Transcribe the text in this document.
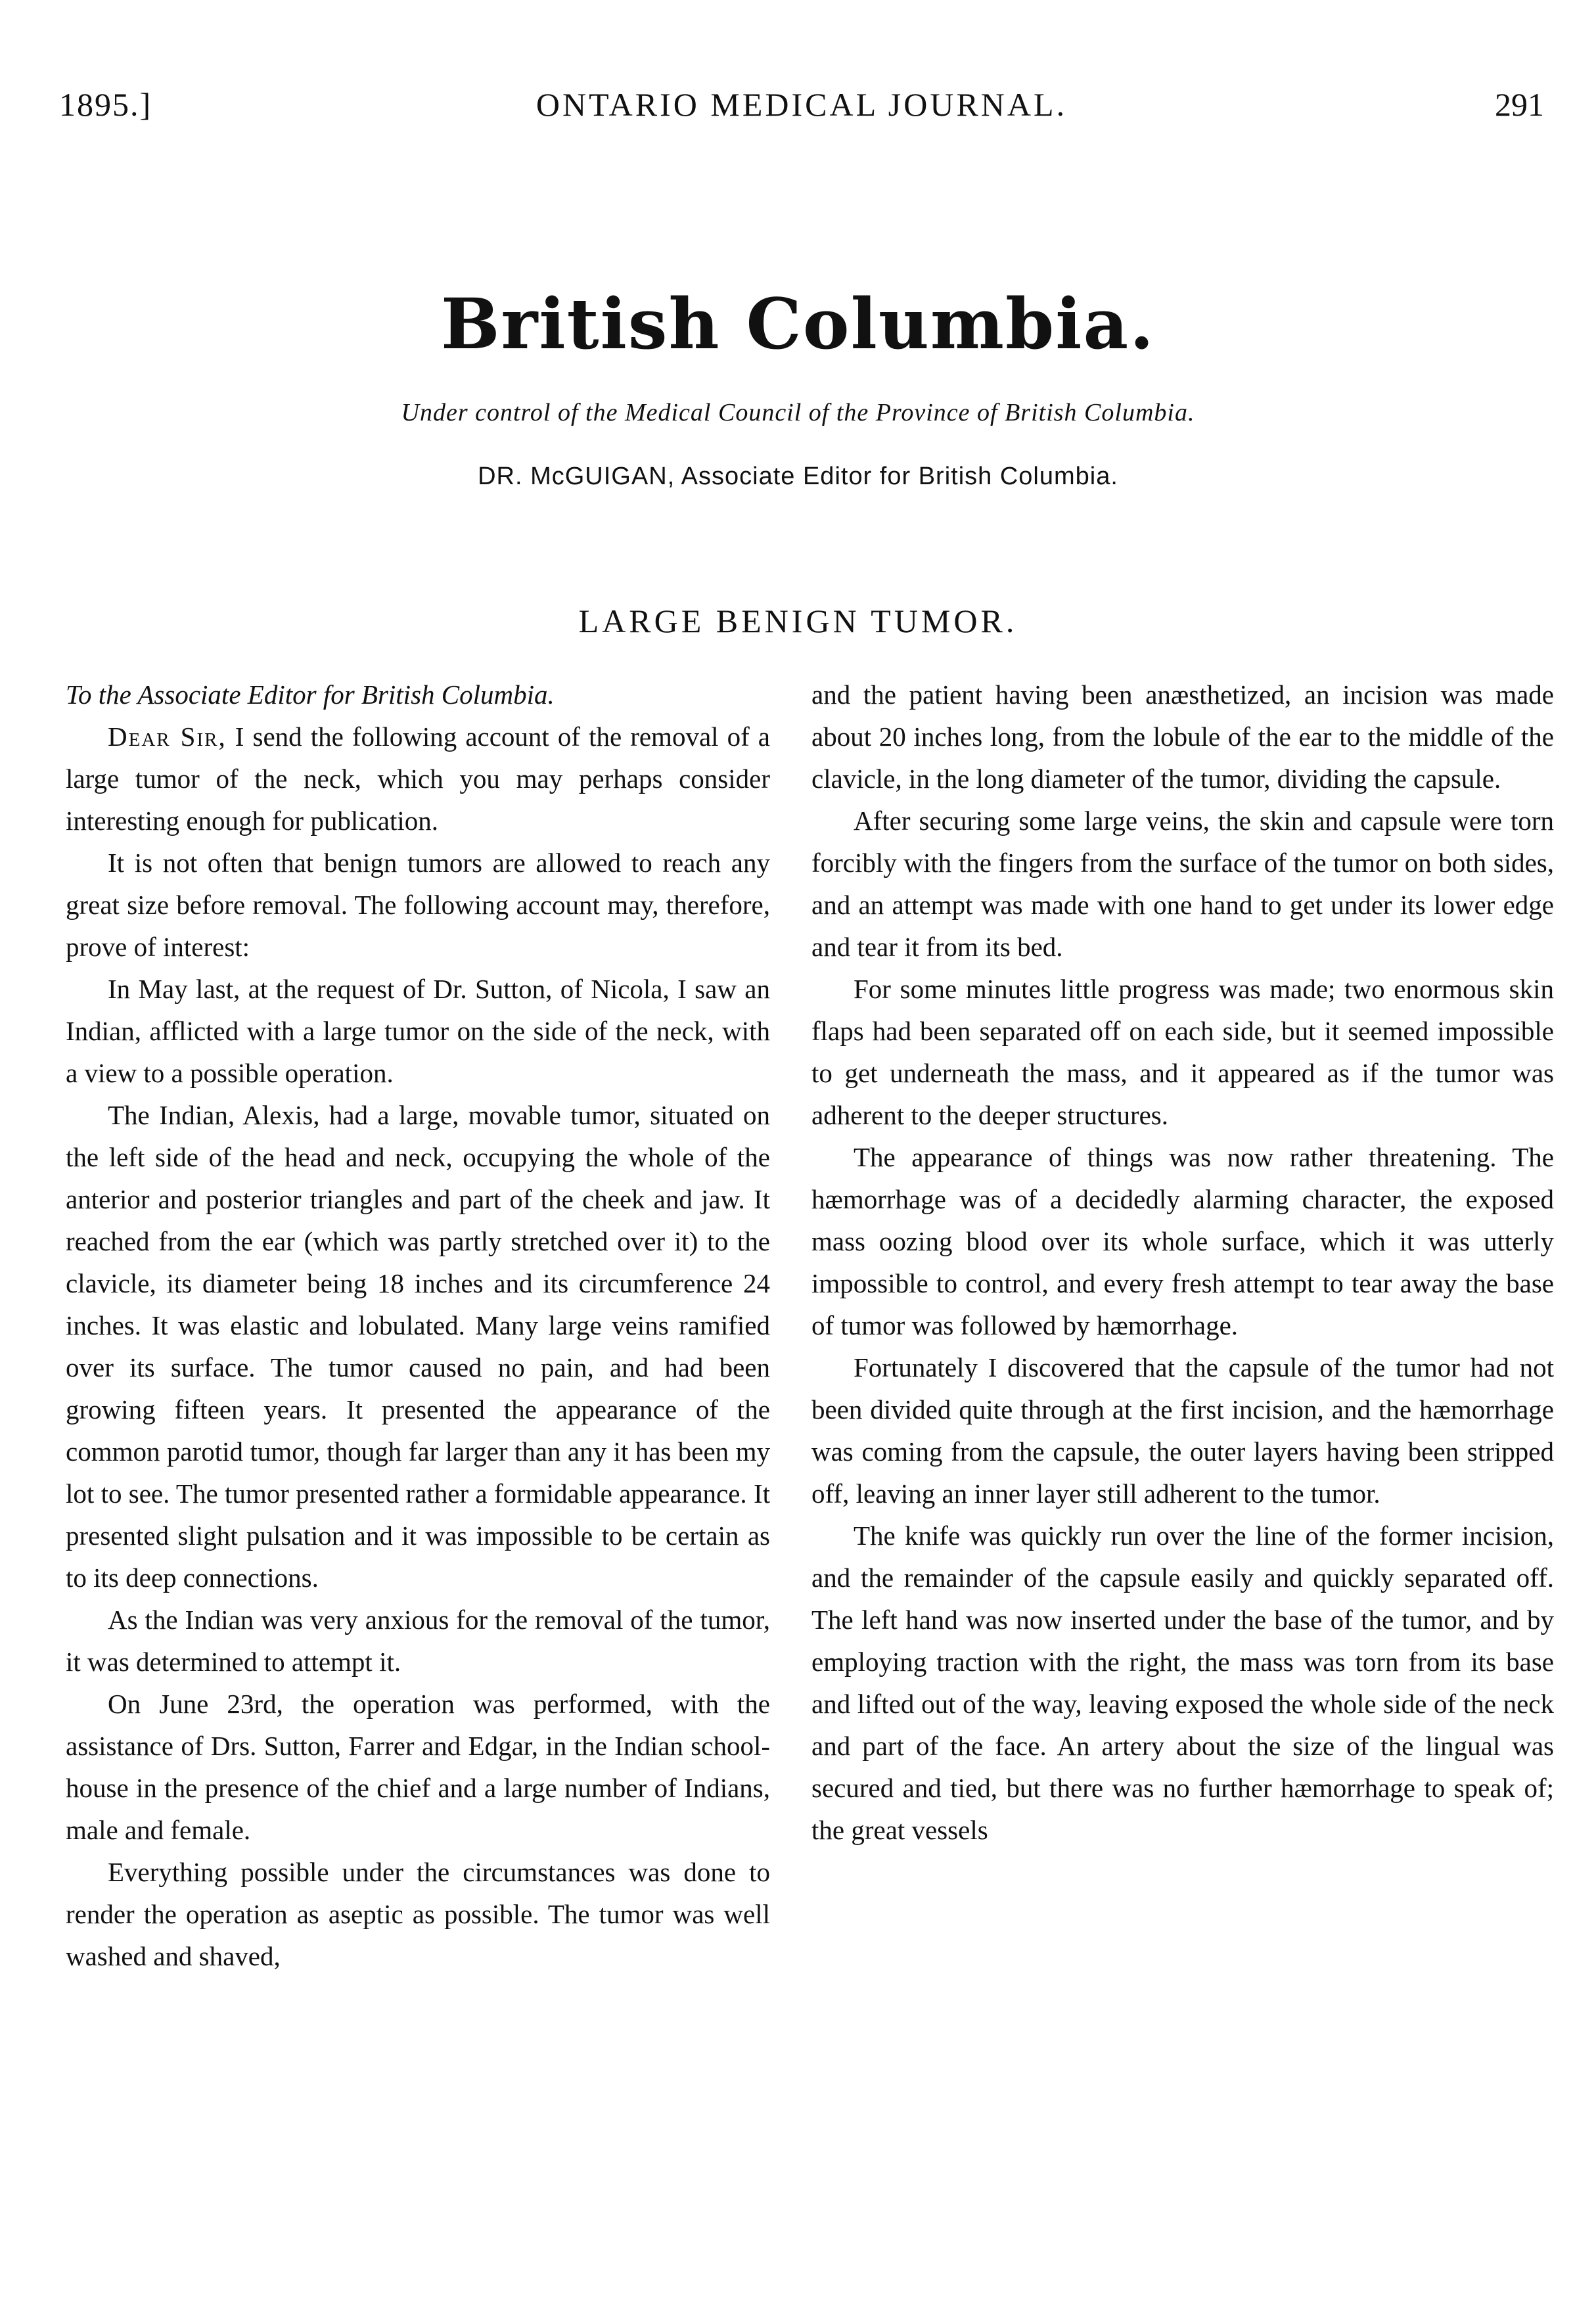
1895.]	ONTARIO MEDICAL JOURNAL.	291
British Columbia.
Under control of the Medical Council of the Province of British Columbia.
DR. McGUIGAN, Associate Editor for British Columbia.
LARGE BENIGN TUMOR.

To the Associate Editor for British Columbia.

Dear Sir, I send the following account of the removal of a large tumor of the neck, which you may perhaps consider interesting enough for publication.

It is not often that benign tumors are allowed to reach any great size before removal. The following account may, therefore, prove of interest:

In May last, at the request of Dr. Sutton, of Nicola, I saw an Indian, afflicted with a large tumor on the side of the neck, with a view to a possible operation.

The Indian, Alexis, had a large, movable tumor, situated on the left side of the head and neck, occupying the whole of the anterior and posterior triangles and part of the cheek and jaw. It reached from the ear (which was partly stretched over it) to the clavicle, its diameter being 18 inches and its circumference 24 inches. It was elastic and lobulated. Many large veins ramified over its surface. The tumor caused no pain, and had been growing fifteen years. It presented the appearance of the common parotid tumor, though far larger than any it has been my lot to see. The tumor presented rather a formidable appearance. It presented slight pulsation and it was impossible to be certain as to its deep connections.

As the Indian was very anxious for the removal of the tumor, it was determined to attempt it.

On June 23rd, the operation was performed, with the assistance of Drs. Sutton, Farrer and Edgar, in the Indian school-house in the presence of the chief and a large number of Indians, male and female.

Everything possible under the circumstances was done to render the operation as aseptic as possible. The tumor was well washed and shaved,

and the patient having been anæsthetized, an incision was made about 20 inches long, from the lobule of the ear to the middle of the clavicle, in the long diameter of the tumor, dividing the capsule.

After securing some large veins, the skin and capsule were torn forcibly with the fingers from the surface of the tumor on both sides, and an attempt was made with one hand to get under its lower edge and tear it from its bed.

For some minutes little progress was made; two enormous skin flaps had been separated off on each side, but it seemed impossible to get underneath the mass, and it appeared as if the tumor was adherent to the deeper structures.

The appearance of things was now rather threatening. The hæmorrhage was of a decidedly alarming character, the exposed mass oozing blood over its whole surface, which it was utterly impossible to control, and every fresh attempt to tear away the base of tumor was followed by hæmorrhage.

Fortunately I discovered that the capsule of the tumor had not been divided quite through at the first incision, and the hæmorrhage was coming from the capsule, the outer layers having been stripped off, leaving an inner layer still adherent to the tumor.

The knife was quickly run over the line of the former incision, and the remainder of the capsule easily and quickly separated off. The left hand was now inserted under the base of the tumor, and by employing traction with the right, the mass was torn from its base and lifted out of the way, leaving exposed the whole side of the neck and part of the face. An artery about the size of the lingual was secured and tied, but there was no further hæmorrhage to speak of; the great vessels
